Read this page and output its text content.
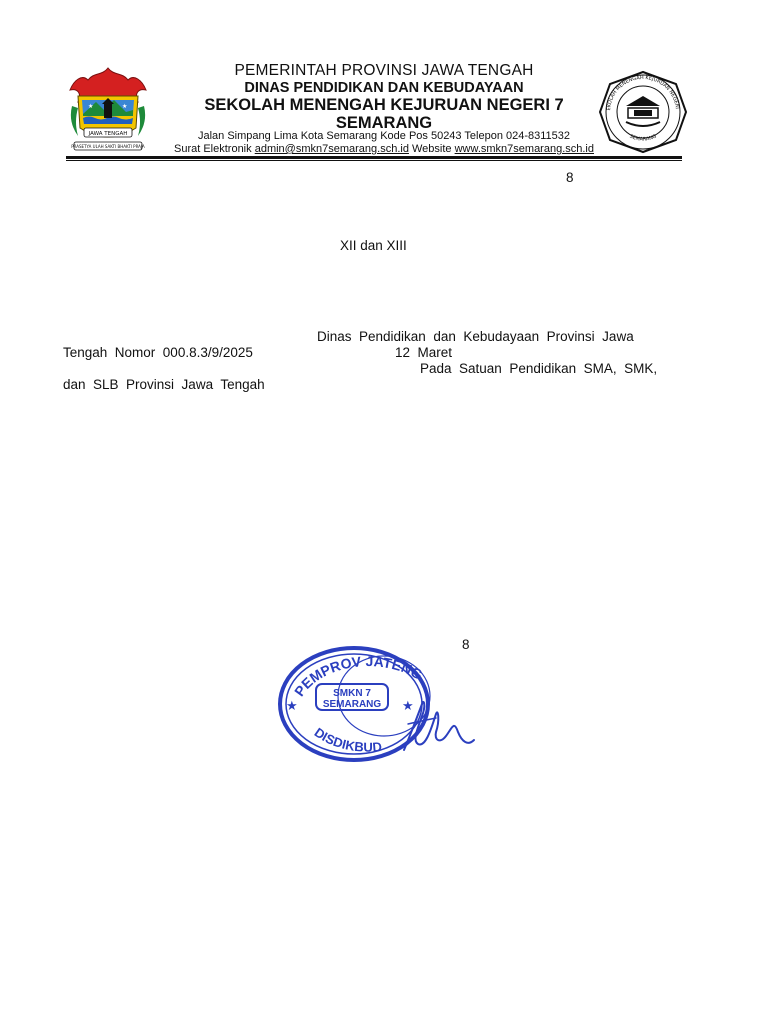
★	★
JAWA TENGAH
PRASETYA ULAH SAKTI BHAKTI PRAJA
EKOLAH MENENGAH KEJURUAN NEGERI
SEMARANG
PEMERINTAH PROVINSI JAWA TENGAH
DINAS PENDIDIKAN DAN KEBUDAYAAN
SEKOLAH MENENGAH KEJURUAN NEGERI 7
SEMARANG
Jalan Simpang Lima Kota Semarang Kode Pos 50243 Telepon 024-8311532
Surat Elektronik admin@smkn7semarang.sch.id Website www.smkn7semarang.sch.id
8
XII dan XIII
Dinas  Pendidikan  dan  Kebudayaan  Provinsi  Jawa
Tengah  Nomor  000.8.3/9/2025	12  Maret
Pada  Satuan  Pendidikan  SMA,  SMK,
dan  SLB  Provinsi  Jawa  Tengah
8
SMKN 7
SEMARANG
PEMPROV JATENG
DISDIKBUD
★	★
